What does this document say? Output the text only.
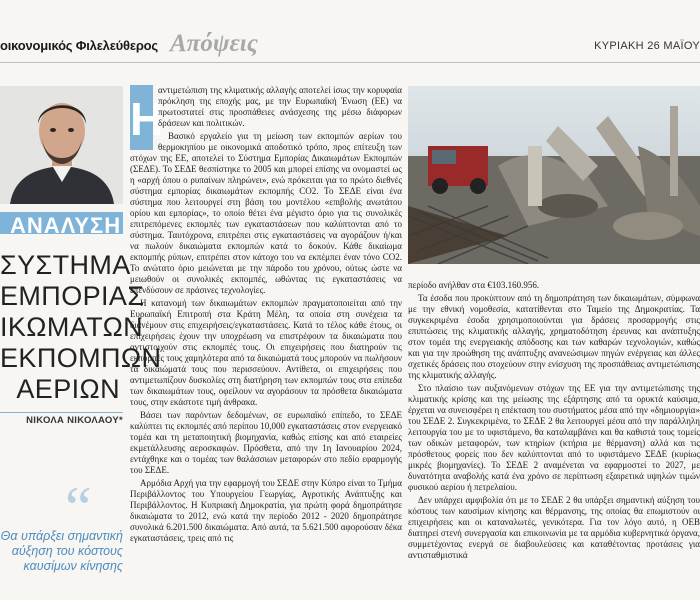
οικονομικός Φιλελεύθερος Απόψεις	ΚΥΡΙΑΚΗ 26 ΜΑΪΟΥ
ΑΝΑΛΥΣΗ
ΣΥΣΤΗΜΑ
ΕΜΠΟΡΙΑΣ
ΙΚΩΜΑΤΩΝ
ΕΚΠΟΜΠΩΝ
ΑΕΡΙΩΝ
ΝΙΚΟΛΑ ΝΙΚΟΛΑΟΥ*
“
Θα υπάρξει σημαντική αύξηση του κόστους καυσίμων κίνησης

Η
αντιμετώπιση της κλιματικής αλλαγής αποτελεί ίσως την κορυφαία πρόκληση της εποχής μας, με την Ευρωπαϊκή Ένωση (ΕΕ) να πρωτοστατεί στις προσπάθειες ανάσχεσης της μέσω διάφορων δράσεων και πολιτικών.

Βασικό εργαλείο για τη μείωση των εκπομπών αερίων του θερμοκηπίου με οικονομικά αποδοτικό τρόπο, προς επίτευξη των στόχων της ΕΕ, αποτελεί το Σύστημα Εμπορίας Δικαιωμάτων Εκπομπών (ΣΕΔΕ). Το ΣΕΔΕ θεσπίστηκε το 2005 και μπορεί επίσης να ονομαστεί ως η «αρχή όπου ο ρυπαίνων πληρώνει», ενώ πρόκειται για το πρώτο διεθνές σύστημα εμπορίας δικαιωμάτων εκπομπής CO2. Το ΣΕΔΕ είναι ένα σύστημα που λειτουργεί στη βάση του μοντέλου «επιβολής ανωτάτου ορίου και εμπορίας», το οποίο θέτει ένα μέγιστο όριο για τις συνολικές επιτρεπόμενες εκπομπές των εγκαταστάσεων που καλύπτονται από το σύστημα. Ταυτόχρονα, επιτρέπει στις εγκαταστάσεις να αγοράζουν ή/και να πωλούν δικαιώματα εκπομπών κατά το δοκούν. Κάθε δικαίωμα εκπομπής ρύπων, επιτρέπει στον κάτοχο του να εκπέμπει έναν τόνο CO2. Το ανώτατο όριο μειώνεται με την πάροδο του χρόνου, ούτως ώστε να μειωθούν οι συνολικές εκπομπές, ωθώντας τις εγκαταστάσεις να επενδύσουν σε πράσινες τεχνολογίες.

Η κατανομή των δικαιωμάτων εκπομπών πραγματοποιείται από την Ευρωπαϊκή Επιτροπή στα Κράτη Μέλη, τα οποία στη συνέχεια τα διανέμουν στις επιχειρήσεις/εγκαταστάσεις. Κατά το τέλος κάθε έτους, οι επιχειρήσεις έχουν την υποχρέωση να επιστρέφουν τα δικαιώματα που αντιστοιχούν στις εκπομπές τους. Οι επιχειρήσεις που διατηρούν τις εκπομπές τους χαμηλότερα από τα δικαιώματά τους μπορούν να πωλήσουν τα δικαιώματά τους που περισσεύουν. Αντίθετα, οι επιχειρήσεις που αντιμετωπίζουν δυσκολίες στη διατήρηση των εκπομπών τους στα επίπεδα των δικαιωμάτων τους, οφείλουν να αγοράσουν τα πρόσθετα δικαιώματα τους, στην εκάστοτε τιμή άνθρακα.

Βάσει των παρόντων δεδομένων, σε ευρωπαϊκό επίπεδο, το ΣΕΔΕ καλύπτει τις εκπομπές από περίπου 10,000 εγκαταστάσεις στον ενεργειακό τομέα και τη μεταποιητική βιομηχανία, καθώς επίσης και από εταιρείες εκμετάλλευσης αεροσκαφών. Πρόσθετα, από την 1η Ιανουαρίου 2024, εντάχθηκε και ο τομέας των θαλάσσιων μεταφορών στο πεδίο εφαρμογής του ΣΕΔΕ.

Αρμόδια Αρχή για την εφαρμογή του ΣΕΔΕ στην Κύπρο είναι το Τμήμα Περιβάλλοντος του Υπουργείου Γεωργίας, Αγροτικής Ανάπτυξης και Περιβάλλοντος. Η Κυπριακή Δημοκρατία, για πρώτη φορά δημοπράτησε δικαιώματα το 2012, ενώ κατά την περίοδο 2012 - 2020 δημοπράτησε συνολικά 6.201.500 δικαιώματα. Από αυτά, τα 5.621.500 αφορούσαν δέκα εγκαταστάσεις, τρεις από τις

περίοδο ανήλθαν στα €103.160.956.

Τα έσοδα που προκύπτουν από τη δημοπράτηση των δικαιωμάτων, σύμφωνα με την εθνική νομοθεσία, κατατίθενται στο Ταμείο της Δημοκρατίας. Τα συγκεκριμένα έσοδα χρησιμοποιούνται για δράσεις προσαρμογής στις επιπτώσεις της κλιματικής αλλαγής, χρηματοδότηση έρευνας και ανάπτυξης στον τομέα της ενεργειακής απόδοσης και των καθαρών τεχνολογιών, καθώς και για την προώθηση της ανάπτυξης ανανεώσιμων πηγών ενέργειας και άλλες σχετικές δράσεις που στοχεύουν στην ενίσχυση της προσπάθειας αντιμετώπισης της κλιματικής αλλαγής.

Στο πλαίσιο των αυξανόμενων στόχων της ΕΕ για την αντιμετώπισης της κλιματικής κρίσης και της μείωσης της εξάρτησης από τα ορυκτά καύσιμα, έρχεται να συνεισφέρει η επέκταση του συστήματος μέσα από την «δημιουργία» του ΣΕΔΕ 2. Συγκεκριμένα, το ΣΕΔΕ 2 θα λειτουργεί μέσα από την παράλληλη λειτουργία του με το υφιστάμενο, θα καταλαμβάνει και θα καθιστά τους τομείς των οδικών μεταφορών, των κτηρίων (κτήρια με θέρμανση) αλλά και τις πρόσθετους φορείς που δεν καλύπτονται από το υφιστάμενο ΣΕΔΕ (κυρίως μικρές βιομηχανίες). Το ΣΕΔΕ 2 αναμένεται να εφαρμοστεί το 2027, με δυνατότητα αναβολής κατά ένα χρόνο σε περίπτωση εξαιρετικά υψηλών τιμών φυσικού αερίου ή πετρελαίου.

Δεν υπάρχει αμφιβολία ότι με το ΣΕΔΕ 2 θα υπάρξει σημαντική αύξηση του κόστους των καυσίμων κίνησης και θέρμανσης, της οποίας θα επωμιστούν οι επιχειρήσεις και οι καταναλωτές, γενικότερα. Για τον λόγο αυτό, η ΟΕΒ διατηρεί στενή συνεργασία και επικοινωνία με τα αρμόδια κυβερνητικά όργανα, συμμετέχοντας ενεργά σε διαβουλεύσεις και καταθέτοντας προτάσεις για αντισταθμιστικά
